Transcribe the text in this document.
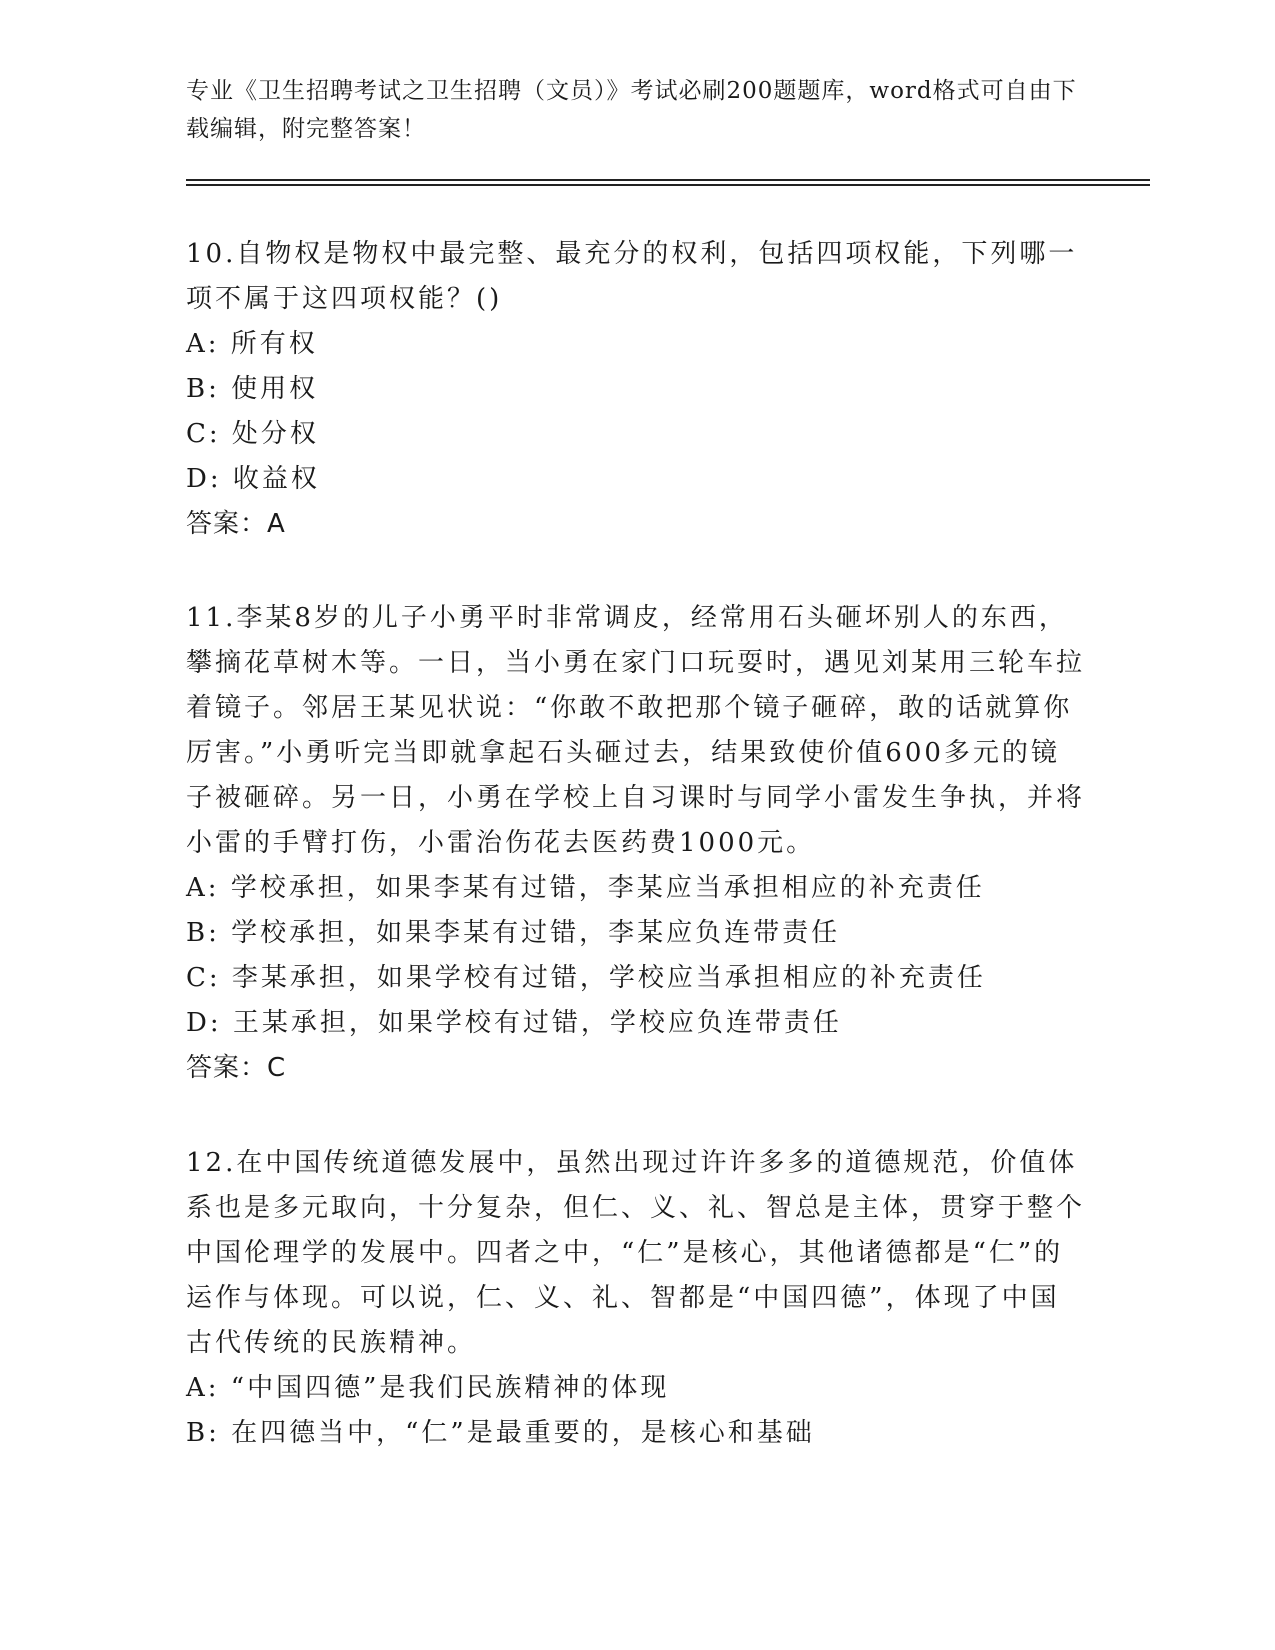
专业《卫生招聘考试之卫生招聘（文员）》考试必刷200题题库，word格式可自由下载编辑，附完整答案！
10.自物权是物权中最完整、最充分的权利，包括四项权能，下列哪一项不属于这四项权能？()
A: 所有权
B: 使用权
C: 处分权
D: 收益权
答案：A
11.李某8岁的儿子小勇平时非常调皮，经常用石头砸坏别人的东西，攀摘花草树木等。一日，当小勇在家门口玩耍时，遇见刘某用三轮车拉着镜子。邻居王某见状说：“你敢不敢把那个镜子砸碎，敢的话就算你厉害。”小勇听完当即就拿起石头砸过去，结果致使价值600多元的镜子被砸碎。另一日，小勇在学校上自习课时与同学小雷发生争执，并将小雷的手臂打伤，小雷治伤花去医药费1000元。
A: 学校承担，如果李某有过错，李某应当承担相应的补充责任
B: 学校承担，如果李某有过错，李某应负连带责任
C: 李某承担，如果学校有过错，学校应当承担相应的补充责任
D: 王某承担，如果学校有过错，学校应负连带责任
答案：C
12.在中国传统道德发展中，虽然出现过许许多多的道德规范，价值体系也是多元取向，十分复杂，但仁、义、礼、智总是主体，贯穿于整个中国伦理学的发展中。四者之中，“仁”是核心，其他诸德都是“仁”的运作与体现。可以说，仁、义、礼、智都是“中国四德”，体现了中国古代传统的民族精神。
A: “中国四德”是我们民族精神的体现
B: 在四德当中，“仁”是最重要的，是核心和基础
